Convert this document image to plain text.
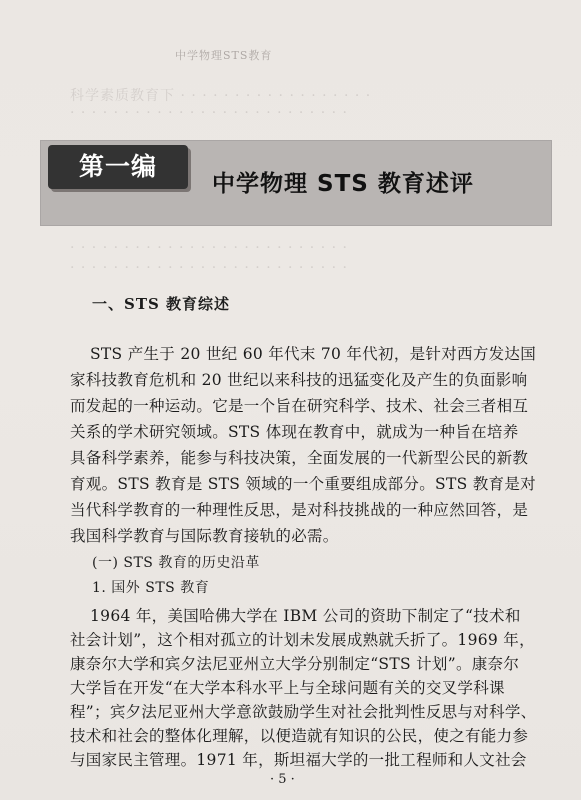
科学素质教育下 · · · · · · · · · · · · · · · · · ·
· · · · · · · · · · · · · · · · · · · · · · · · · ·
· · · · · · · · · · · · · · · · · · · · · · · · · ·
· · · · · · · · · · · · · · · · · · · · · · · · · ·
中学物理STS教育
第一编
中学物理 STS 教育述评
一、STS 教育综述
STS 产生于 20 世纪 60 年代末 70 年代初，是针对西方发达国
家科技教育危机和 20 世纪以来科技的迅猛变化及产生的负面影响
而发起的一种运动。它是一个旨在研究科学、技术、社会三者相互
关系的学术研究领域。STS 体现在教育中，就成为一种旨在培养
具备科学素养，能参与科技决策，全面发展的一代新型公民的新教
育观。STS 教育是 STS 领域的一个重要组成部分。STS 教育是对
当代科学教育的一种理性反思，是对科技挑战的一种应然回答，是
我国科学教育与国际教育接轨的必需。
(一) STS 教育的历史沿革
1. 国外 STS 教育
1964 年，美国哈佛大学在 IBM 公司的资助下制定了“技术和
社会计划”，这个相对孤立的计划未发展成熟就夭折了。1969 年，
康奈尔大学和宾夕法尼亚州立大学分别制定“STS 计划”。康奈尔
大学旨在开发“在大学本科水平上与全球问题有关的交叉学科课
程”；宾夕法尼亚州大学意欲鼓励学生对社会批判性反思与对科学、
技术和社会的整体化理解，以便造就有知识的公民，使之有能力参
与国家民主管理。1971 年，斯坦福大学的一批工程师和人文社会
· 5 ·
